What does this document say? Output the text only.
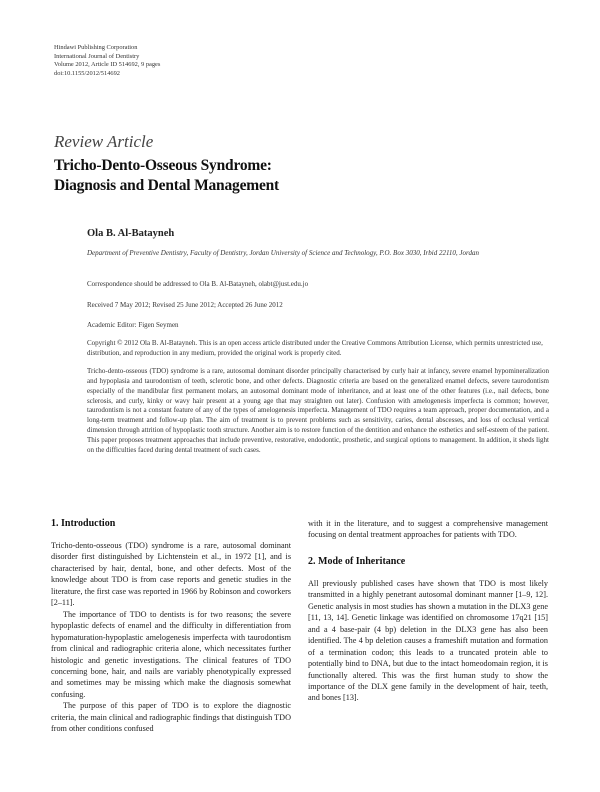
Hindawi Publishing Corporation
International Journal of Dentistry
Volume 2012, Article ID 514692, 9 pages
doi:10.1155/2012/514692
Review Article
Tricho-Dento-Osseous Syndrome:
Diagnosis and Dental Management
Ola B. Al-Batayneh
Department of Preventive Dentistry, Faculty of Dentistry, Jordan University of Science and Technology, P.O. Box 3030, Irbid 22110, Jordan
Correspondence should be addressed to Ola B. Al-Batayneh, olabt@just.edu.jo
Received 7 May 2012; Revised 25 June 2012; Accepted 26 June 2012
Academic Editor: Figen Seymen
Copyright © 2012 Ola B. Al-Batayneh. This is an open access article distributed under the Creative Commons Attribution License, which permits unrestricted use, distribution, and reproduction in any medium, provided the original work is properly cited.
Tricho-dento-osseous (TDO) syndrome is a rare, autosomal dominant disorder principally characterised by curly hair at infancy, severe enamel hypomineralization and hypoplasia and taurodontism of teeth, sclerotic bone, and other defects. Diagnostic criteria are based on the generalized enamel defects, severe taurodontism especially of the mandibular first permanent molars, an autosomal dominant mode of inheritance, and at least one of the other features (i.e., nail defects, bone sclerosis, and curly, kinky or wavy hair present at a young age that may straighten out later). Confusion with amelogenesis imperfecta is common; however, taurodontism is not a constant feature of any of the types of amelogenesis imperfecta. Management of TDO requires a team approach, proper documentation, and a long-term treatment and follow-up plan. The aim of treatment is to prevent problems such as sensitivity, caries, dental abscesses, and loss of occlusal vertical dimension through attrition of hypoplastic tooth structure. Another aim is to restore function of the dentition and enhance the esthetics and self-esteem of the patient. This paper proposes treatment approaches that include preventive, restorative, endodontic, prosthetic, and surgical options to management. In addition, it sheds light on the difficulties faced during dental treatment of such cases.
1. Introduction

Tricho-dento-osseous (TDO) syndrome is a rare, autosomal dominant disorder first distinguished by Lichtenstein et al., in 1972 [1], and is characterised by hair, dental, bone, and other defects. Most of the knowledge about TDO is from case reports and genetic studies in the literature, the first case was reported in 1966 by Robinson and coworkers [2–11].

The importance of TDO to dentists is for two reasons; the severe hypoplastic defects of enamel and the difficulty in differentiation from hypomaturation-hypoplastic amelogenesis imperfecta with taurodontism from clinical and radiographic criteria alone, which necessitates further histologic and genetic investigations. The clinical features of TDO concerning bone, hair, and nails are variably phenotypically expressed and sometimes may be missing which make the diagnosis somewhat confusing.

The purpose of this paper of TDO is to explore the diagnostic criteria, the main clinical and radiographic findings that distinguish TDO from other conditions confused

with it in the literature, and to suggest a comprehensive management focusing on dental treatment approaches for patients with TDO.

2. Mode of Inheritance

All previously published cases have shown that TDO is most likely transmitted in a highly penetrant autosomal dominant manner [1–9, 12]. Genetic analysis in most studies has shown a mutation in the DLX3 gene [11, 13, 14]. Genetic linkage was identified on chromosome 17q21 [15] and a 4 base-pair (4 bp) deletion in the DLX3 gene has also been identified. The 4 bp deletion causes a frameshift mutation and formation of a termination codon; this leads to a truncated protein able to potentially bind to DNA, but due to the intact homeodomain region, it is functionally altered. This was the first human study to show the importance of the DLX gene family in the development of hair, teeth, and bones [13].
